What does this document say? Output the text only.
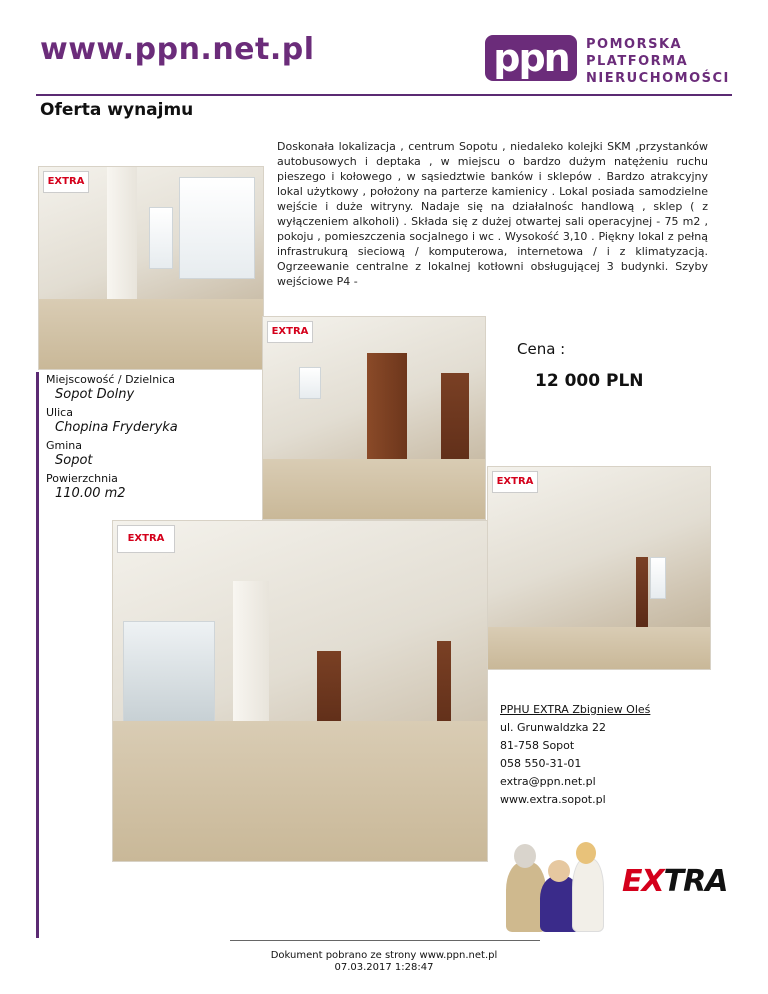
www.ppn.net.pl	ppn	POMORSKA
PLATFORMA
NIERUCHOMOŚCI
Oferta wynajmu
Doskonała lokalizacja , centrum Sopotu , niedaleko kolejki SKM ,przystanków autobusowych i deptaka , w miejscu o bardzo dużym natężeniu ruchu pieszego i kołowego , w sąsiedztwie banków i sklepów . Bardzo atrakcyjny lokal użytkowy , położony na parterze kamienicy . Lokal posiada samodzielne wejście i duże witryny. Nadaje się na działalnośc handlową , sklep ( z wyłączeniem alkoholi) . Składa się z dużej otwartej sali operacyjnej - 75 m2 , pokoju , pomieszczenia socjalnego i wc . Wysokość 3,10 . Piękny lokal z pełną infrastrukurą sieciową / komputerowa, internetowa / i z klimatyzacją. Ogrzeewanie centralne z lokalnej kotłowni obsługującej 3 budynki. Szyby wejściowe P4 -
EXTRA
EXTRA
EXTRA
EXTRA
Miejscowość / Dzielnica
Sopot Dolny
Ulica
Chopina Fryderyka
Gmina
Sopot
Powierzchnia
110.00 m2
Cena :
12 000 PLN
PPHU EXTRA Zbigniew Oleś
ul. Grunwaldzka 22
81-758 Sopot
058 550-31-01
extra@ppn.net.pl
www.extra.sopot.pl
EXTRA
Dokument pobrano ze strony www.ppn.net.pl
07.03.2017 1:28:47
